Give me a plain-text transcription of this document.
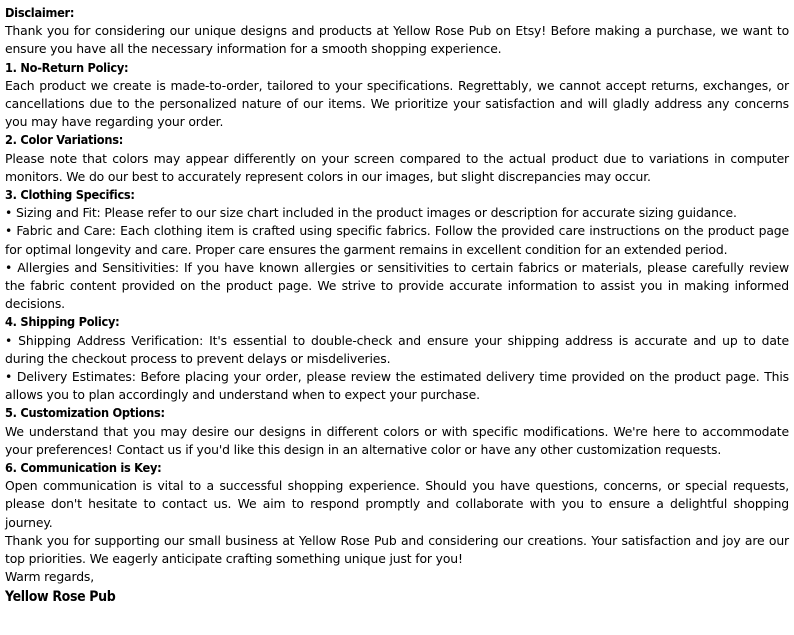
Disclaimer:

Thank you for considering our unique designs and products at Yellow Rose Pub on Etsy! Before making a purchase, we want to ensure you have all the necessary information for a smooth shopping experience.

1. No-Return Policy:

Each product we create is made-to-order, tailored to your specifications. Regrettably, we cannot accept returns, exchanges, or cancellations due to the personalized nature of our items. We prioritize your satisfaction and will gladly address any concerns you may have regarding your order.

2. Color Variations:

Please note that colors may appear differently on your screen compared to the actual product due to variations in computer monitors. We do our best to accurately represent colors in our images, but slight discrepancies may occur.

3. Clothing Specifics:

• Sizing and Fit: Please refer to our size chart included in the product images or description for accurate sizing guidance.

• Fabric and Care: Each clothing item is crafted using specific fabrics. Follow the provided care instructions on the product page for optimal longevity and care. Proper care ensures the garment remains in excellent condition for an extended period.

• Allergies and Sensitivities: If you have known allergies or sensitivities to certain fabrics or materials, please carefully review the fabric content provided on the product page. We strive to provide accurate information to assist you in making informed decisions.

4. Shipping Policy:

• Shipping Address Verification: It's essential to double-check and ensure your shipping address is accurate and up to date during the checkout process to prevent delays or misdeliveries.

• Delivery Estimates: Before placing your order, please review the estimated delivery time provided on the product page. This allows you to plan accordingly and understand when to expect your purchase.

5. Customization Options:

We understand that you may desire our designs in different colors or with specific modifications. We're here to accommodate your preferences! Contact us if you'd like this design in an alternative color or have any other customization requests.

6. Communication is Key:

Open communication is vital to a successful shopping experience. Should you have questions, concerns, or special requests, please don't hesitate to contact us. We aim to respond promptly and collaborate with you to ensure a delightful shopping journey.

Thank you for supporting our small business at Yellow Rose Pub and considering our creations. Your satisfaction and joy are our top priorities. We eagerly anticipate crafting something unique just for you!

Warm regards,

Yellow Rose Pub
